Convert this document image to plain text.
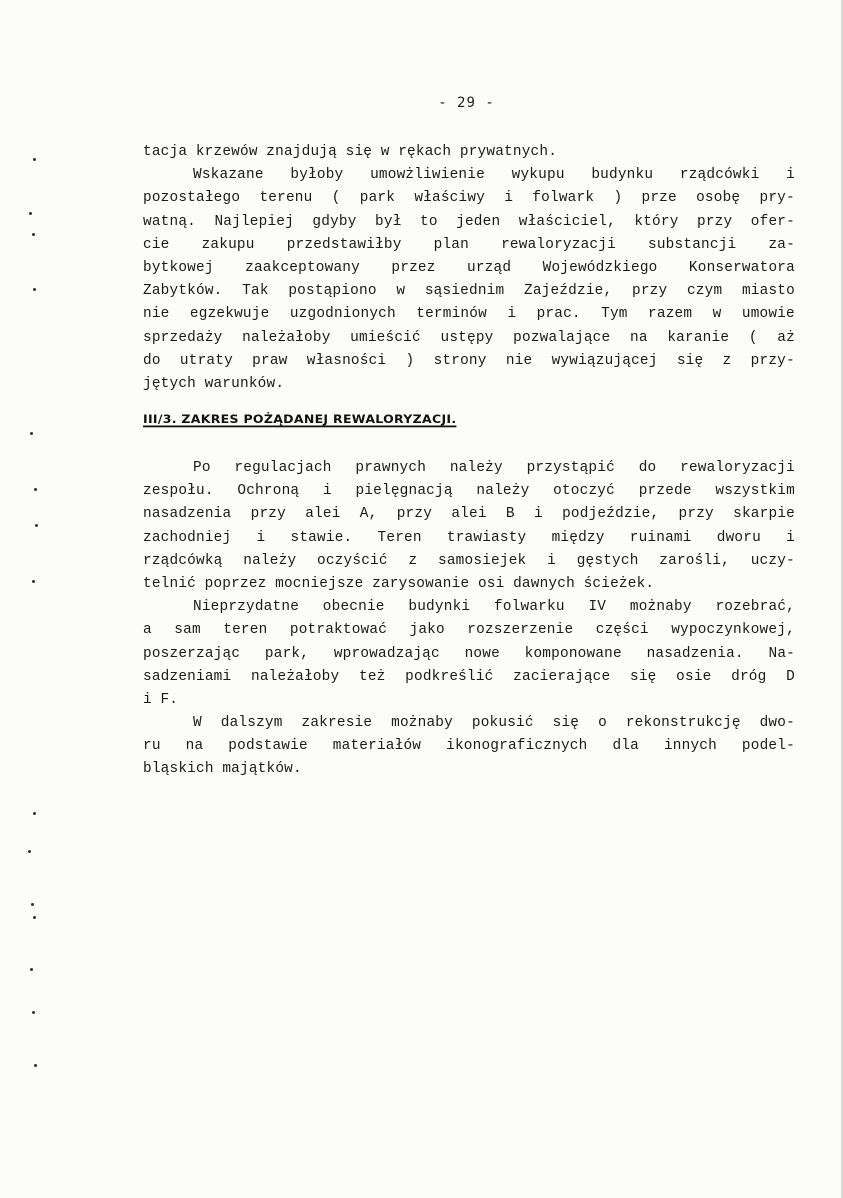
- 29 -
tacja krzewów znajdują się w rękach prywatnych.
Wskazane byłoby umowżliwienie wykupu budynku rządcówki i
pozostałego terenu ( park właściwy i folwark ) prze osobę pry-
watną. Najlepiej gdyby był to jeden właściciel, który przy ofer-
cie zakupu przedstawiłby plan rewaloryzacji substancji za-
bytkowej zaakceptowany przez urząd Wojewódzkiego Konserwatora
Zabytków. Tak postąpiono w sąsiednim Zajeździe, przy czym miasto
nie egzekwuje uzgodnionych terminów i prac. Tym razem w umowie
sprzedaży należałoby umieścić ustępy pozwalające na karanie ( aż
do utraty praw własności ) strony nie wywiązującej się z przy-
jętych warunków.
III/3. ZAKRES POŻĄDANEJ REWALORYZACJI.
Po regulacjach prawnych należy przystąpić do rewaloryzacji
zespołu. Ochroną i pielęgnacją należy otoczyć przede wszystkim
nasadzenia przy alei A, przy alei B i podjeździe, przy skarpie
zachodniej i stawie. Teren trawiasty między ruinami dworu i
rządcówką należy oczyścić z samosiejek i gęstych zarośli, uczy-
telnić poprzez mocniejsze zarysowanie osi dawnych ścieżek.
Nieprzydatne obecnie budynki folwarku IV możnaby rozebrać,
a sam teren potraktować jako rozszerzenie części wypoczynkowej,
poszerzając park, wprowadzając nowe komponowane nasadzenia. Na-
sadzeniami należałoby też podkreślić zacierające się osie dróg D
i F.
W dalszym zakresie możnaby pokusić się o rekonstrukcję dwo-
ru na podstawie materiałów ikonograficznych dla innych podel-
bląskich majątków.
